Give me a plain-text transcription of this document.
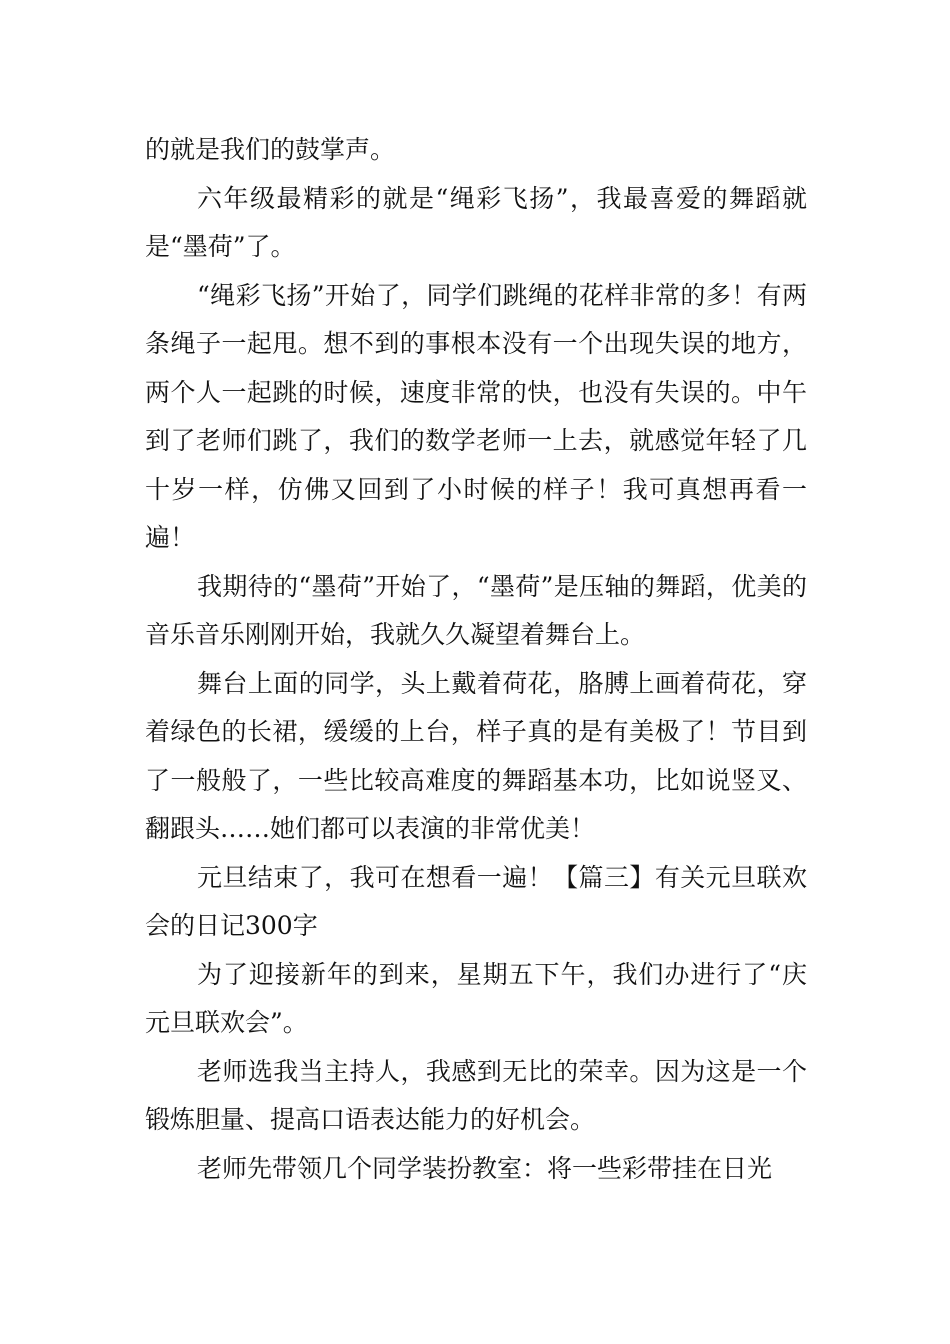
的就是我们的鼓掌声。

六年级最精彩的就是“绳彩飞扬”，我最喜爱的舞蹈就是“墨荷”了。

“绳彩飞扬”开始了，同学们跳绳的花样非常的多！有两条绳子一起甩。想不到的事根本没有一个出现失误的地方，两个人一起跳的时候，速度非常的快，也没有失误的。中午到了老师们跳了，我们的数学老师一上去，就感觉年轻了几十岁一样，仿佛又回到了小时候的样子！我可真想再看一遍！

我期待的“墨荷”开始了，“墨荷”是压轴的舞蹈，优美的音乐音乐刚刚开始，我就久久凝望着舞台上。

舞台上面的同学，头上戴着荷花，胳膊上画着荷花，穿着绿色的长裙，缓缓的上台，样子真的是有美极了！节目到了一般般了，一些比较高难度的舞蹈基本功，比如说竖叉、翻跟头……她们都可以表演的非常优美！

元旦结束了，我可在想看一遍！【篇三】有关元旦联欢会的日记300字

为了迎接新年的到来，星期五下午，我们办进行了“庆元旦联欢会”。

老师选我当主持人，我感到无比的荣幸。因为这是一个锻炼胆量、提高口语表达能力的好机会。

老师先带领几个同学装扮教室：将一些彩带挂在日光
